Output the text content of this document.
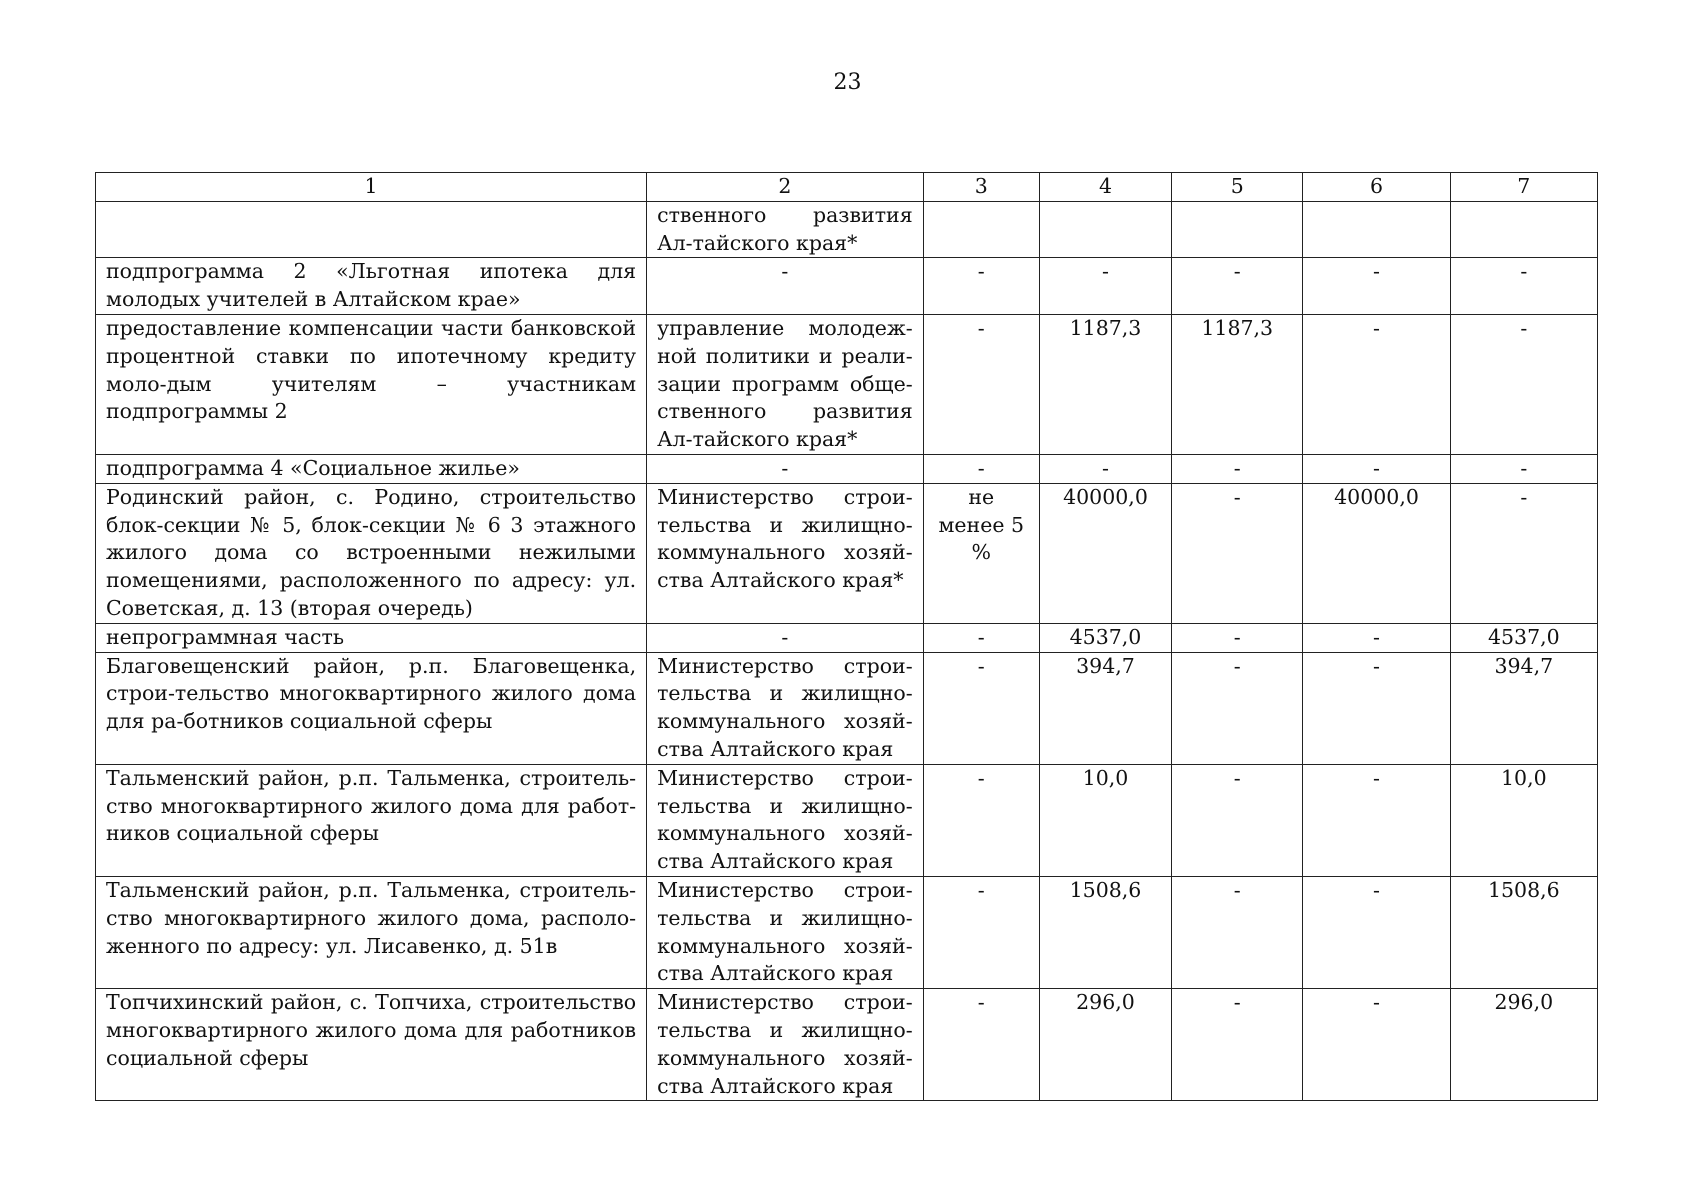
23
1	2	3	4	5	6	7
	ственного развития Ал-тайского края*					
подпрограмма 2 «Льготная ипотека для молодых учителей в Алтайском крае»	-	-	-	-	-	-
предоставление компенсации части банковской процентной ставки по ипотечному кредиту моло-дым учителям – участникам подпрограммы 2	управление молодеж-ной политики и реали-зации программ обще-ственного развития Ал-тайского края*	-	1187,3	1187,3	-	-
подпрограмма 4 «Социальное жилье»	-	-	-	-	-	-
Родинский район, с. Родино, строительство блок-секции № 5, блок-секции № 6 3 этажного жилого дома со встроенными нежилыми помещениями, расположенного по адресу: ул. Советская, д. 13 (вторая очередь)	Министерство строи-тельства и жилищно-коммунального хозяй-ства Алтайского края*	не менее 5 %	40000,0	-	40000,0	-
непрограммная часть	-	-	4537,0	-	-	4537,0
Благовещенский район, р.п. Благовещенка, строи-тельство многоквартирного жилого дома для ра-ботников социальной сферы	Министерство строи-тельства и жилищно-коммунального хозяй-ства Алтайского края	-	394,7	-	-	394,7
Тальменский район, р.п. Тальменка, строитель-ство многоквартирного жилого дома для работ-ников социальной сферы	Министерство строи-тельства и жилищно-коммунального хозяй-ства Алтайского края	-	10,0	-	-	10,0
Тальменский район, р.п. Тальменка, строитель-ство многоквартирного жилого дома, располо-женного по адресу: ул. Лисавенко, д. 51в	Министерство строи-тельства и жилищно-коммунального хозяй-ства Алтайского края	-	1508,6	-	-	1508,6
Топчихинский район, с. Топчиха, строительство многоквартирного жилого дома для работников социальной сферы	Министерство строи-тельства и жилищно-коммунального хозяй-ства Алтайского края	-	296,0	-	-	296,0
